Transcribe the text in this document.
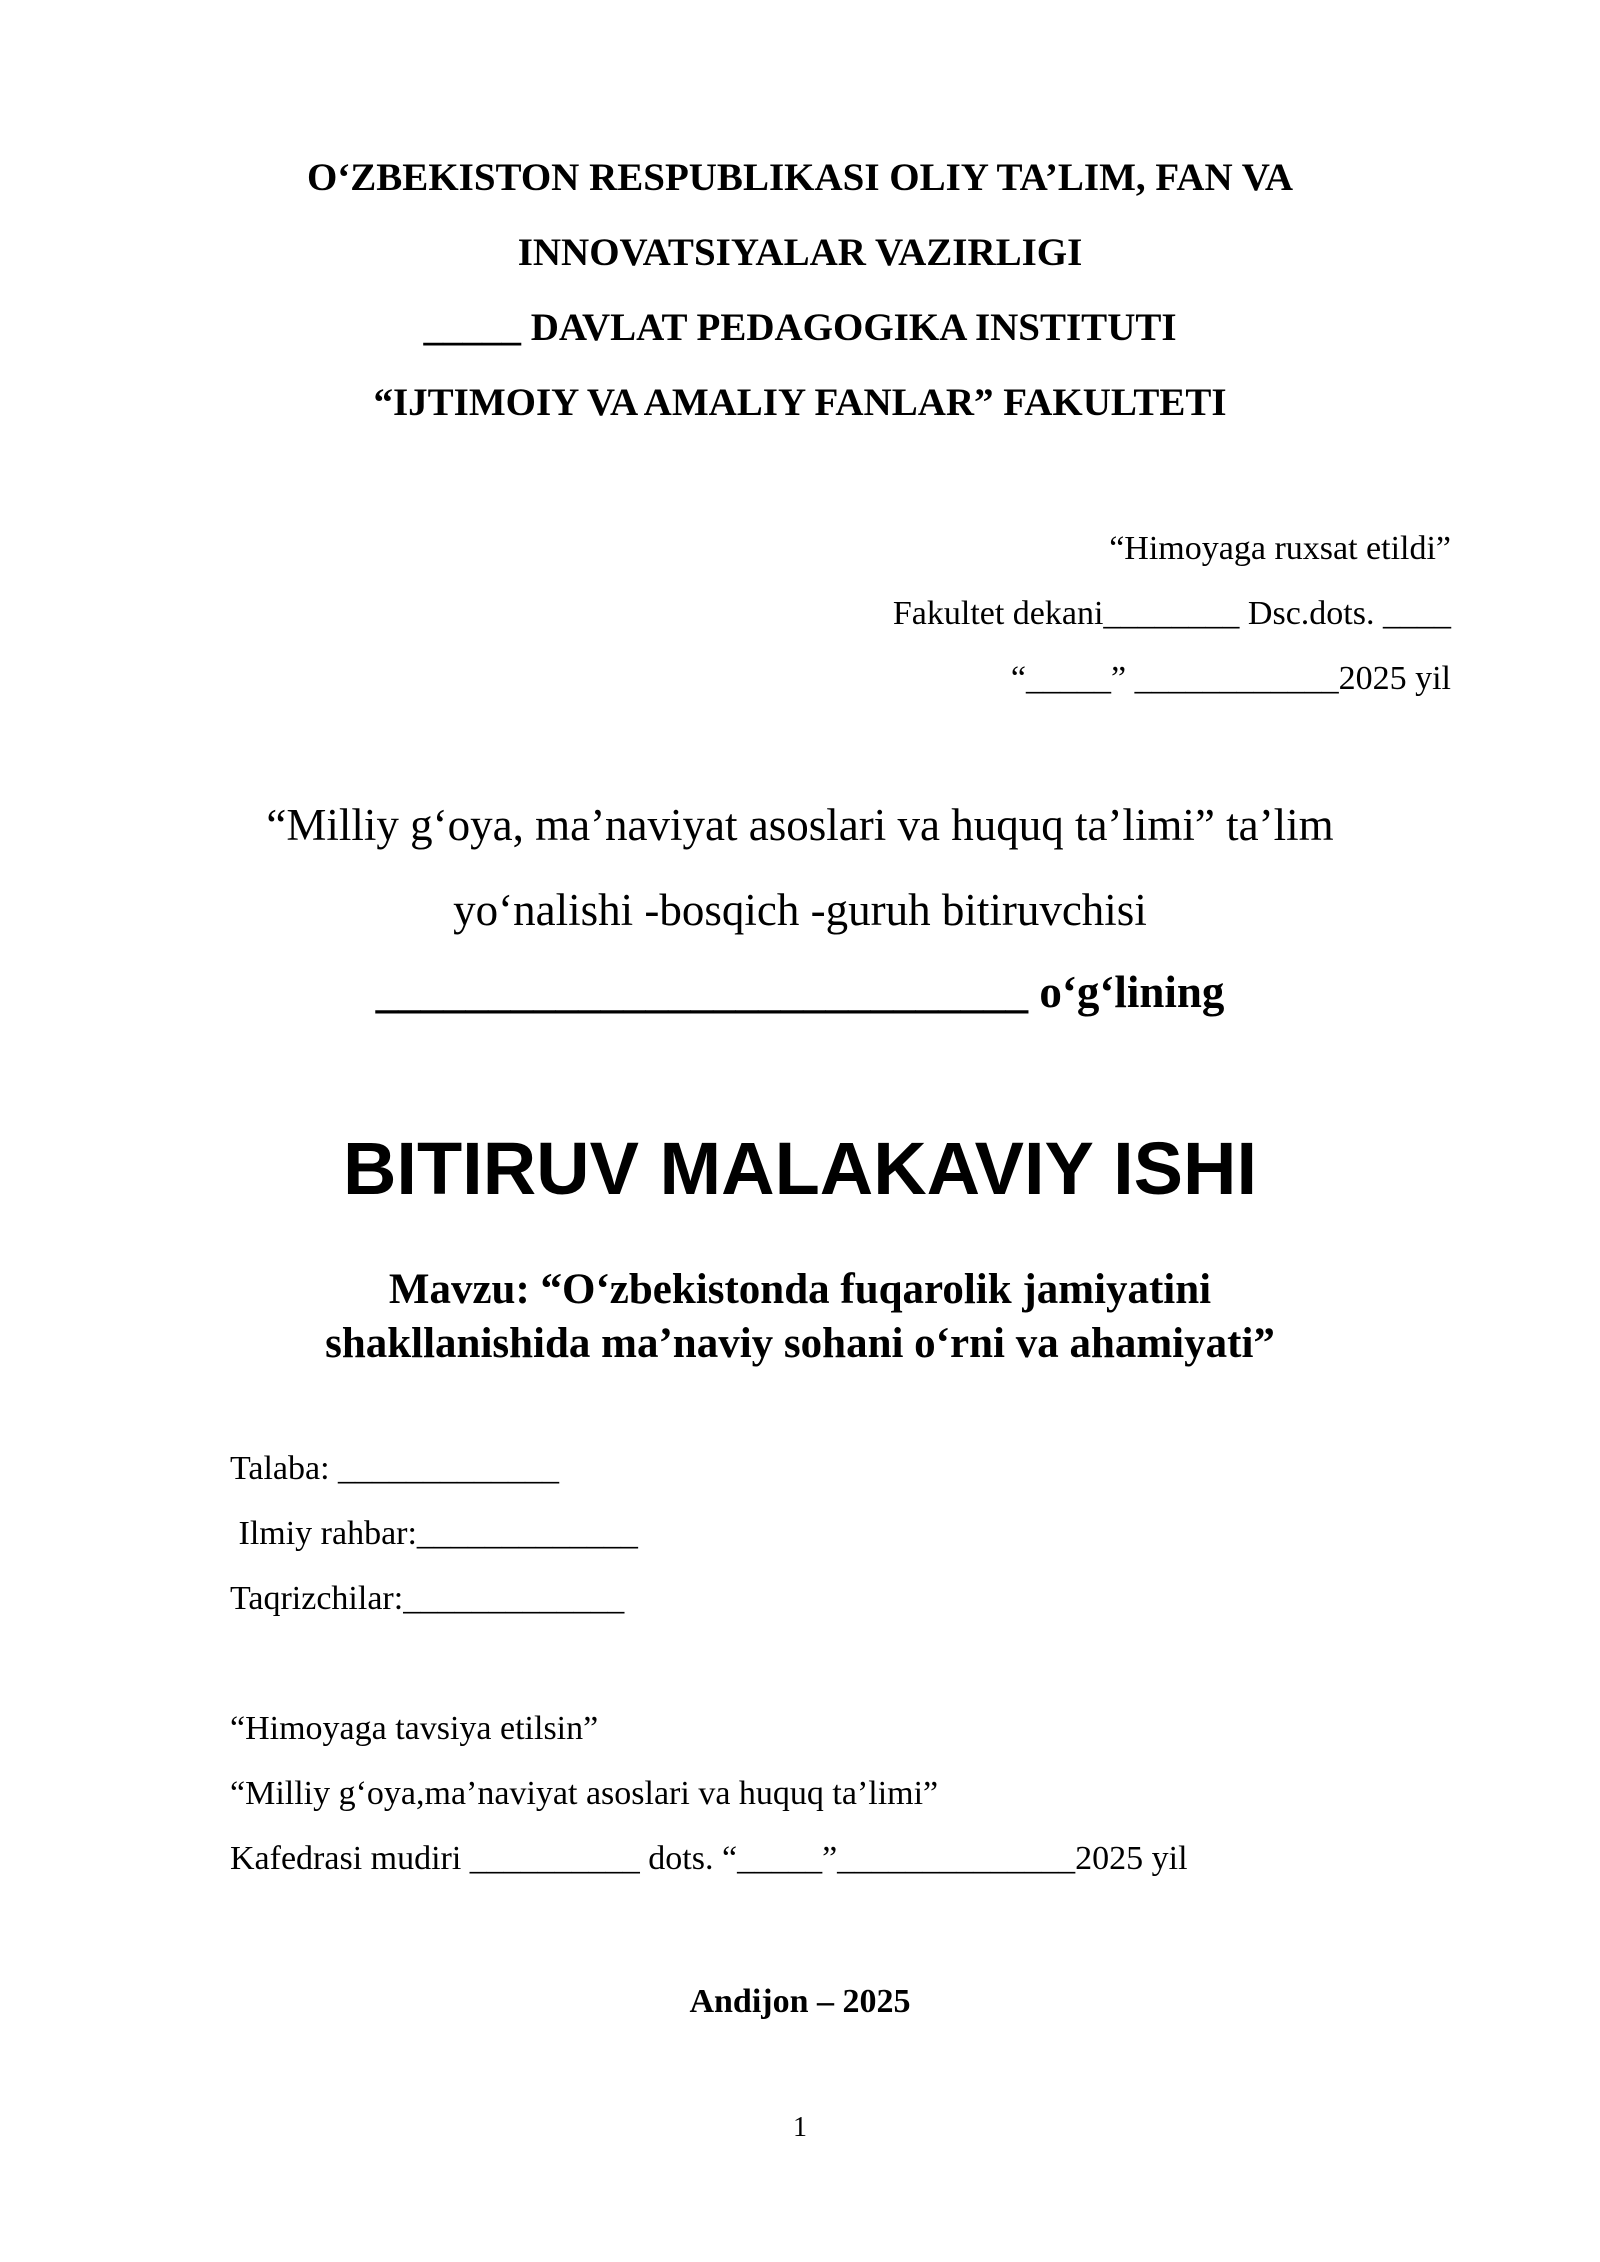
O‘ZBEKISTON RESPUBLIKASI OLIY TA’LIM, FAN VA
INNOVATSIYALAR VAZIRLIGI
_____ DAVLAT PEDAGOGIKA INSTITUTI
“IJTIMOIY VA AMALIY FANLAR” FAKULTETI
“Himoyaga ruxsat etildi”
Fakultet dekani________ Dsc.dots. ____
“_____” ____________2025 yil
“Milliy g‘oya, ma’naviyat asoslari va huquq ta’limi” ta’lim
yo‘nalishi -bosqich -guruh bitiruvchisi
_____________________________ o‘g‘lining
BITIRUV MALAKAVIY ISHI
Mavzu: “O‘zbekistonda fuqarolik jamiyatini
shakllanishida ma’naviy sohani o‘rni va ahamiyati”
Talaba: _____________
Ilmiy rahbar:_____________
Taqrizchilar:_____________
“Himoyaga tavsiya etilsin”
“Milliy g‘oya,ma’naviyat asoslari va huquq ta’limi”
Kafedrasi mudiri __________ dots. “_____”______________2025 yil
Andijon – 2025
1
